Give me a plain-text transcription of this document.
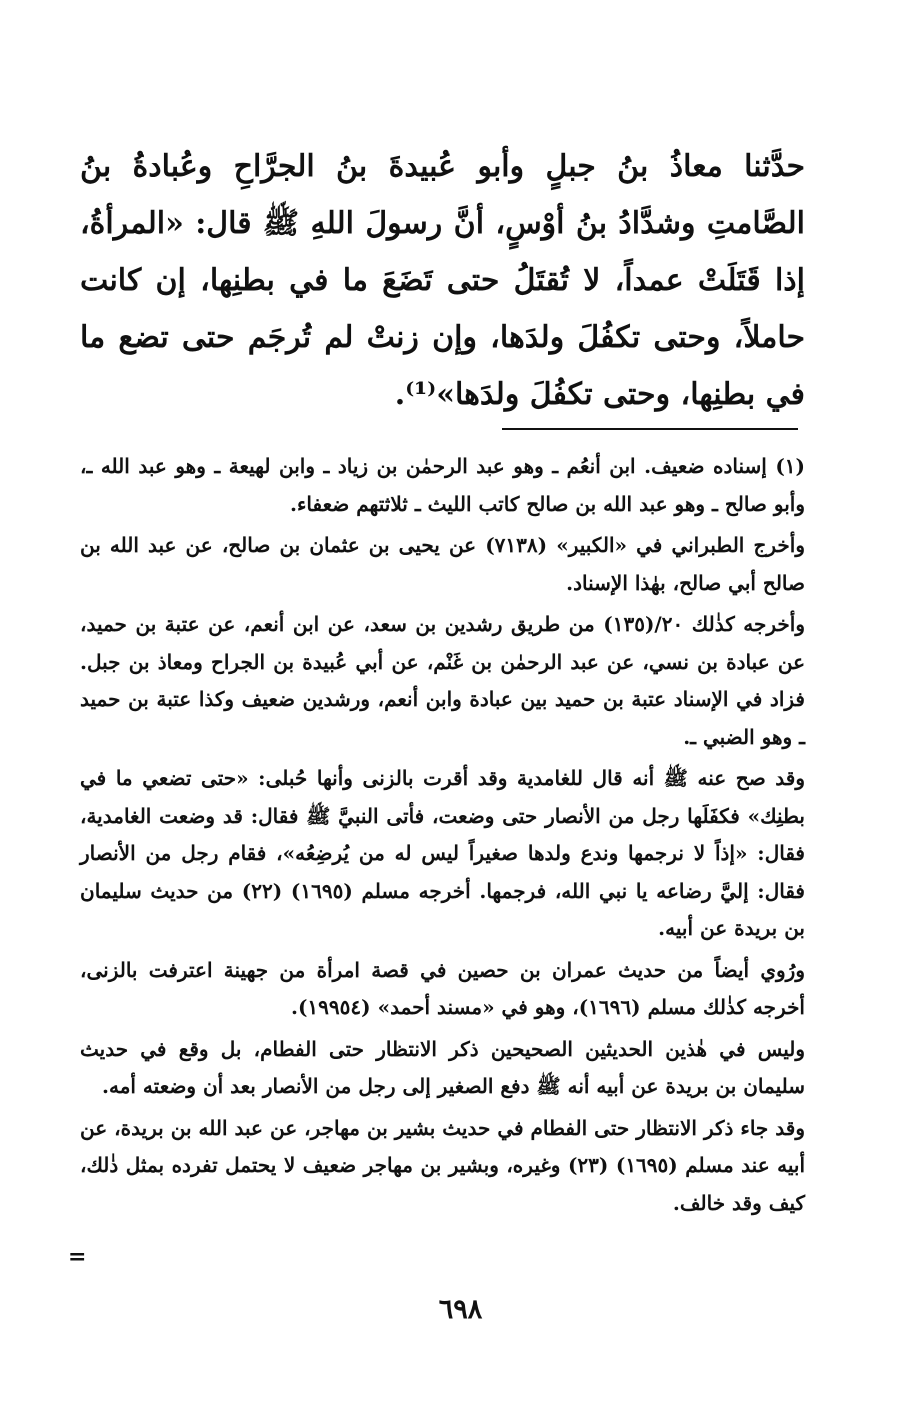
حدَّثنا معاذُ بنُ جبلٍ وأبو عُبيدةَ بنُ الجرَّاحِ وعُبادةُ بنُ الصَّامتِ وشدَّادُ بنُ أوْسٍ، أنَّ رسولَ اللهِ ﷺ قال: «المرأةُ، إذا قَتَلَتْ عمداً، لا تُقتَلُ حتى تَضَعَ ما في بطنِها، إن كانت حاملاً، وحتى تكفُلَ ولدَها، وإن زنتْ لم تُرجَم حتى تضع ما في بطنِها، وحتى تكفُلَ ولدَها»⁽¹⁾.

(١) إسناده ضعيف. ابن أنعُم ـ وهو عبد الرحمٰن بن زياد ـ وابن لهيعة ـ وهو عبد الله ـ، وأبو صالح ـ وهو عبد الله بن صالح كاتب الليث ـ ثلاثتهم ضعفاء.

وأخرج الطبراني في «الكبير» (٧١٣٨) عن يحيى بن عثمان بن صالح، عن عبد الله بن صالح أبي صالح، بهٰذا الإسناد.

وأخرجه كذٰلك ٢٠/(١٣٥) من طريق رشدين بن سعد، عن ابن أنعم، عن عتبة بن حميد، عن عبادة بن نسي، عن عبد الرحمٰن بن غَنْم، عن أبي عُبيدة بن الجراح ومعاذ بن جبل. فزاد في الإسناد عتبة بن حميد بين عبادة وابن أنعم، ورشدين ضعيف وكذا عتبة بن حميد ـ وهو الضبي ـ.

وقد صح عنه ﷺ أنه قال للغامدية وقد أقرت بالزنى وأنها حُبلى: «حتى تضعي ما في بطنِك» فكفَلَها رجل من الأنصار حتى وضعت، فأتى النبيَّ ﷺ فقال: قد وضعت الغامدية، فقال: «إذاً لا نرجمها وندع ولدها صغيراً ليس له من يُرضِعُه»، فقام رجل من الأنصار فقال: إليَّ رضاعه يا نبي الله، فرجمها. أخرجه مسلم (١٦٩٥) (٢٢) من حديث سليمان بن بريدة عن أبيه.

ورُوي أيضاً من حديث عمران بن حصين في قصة امرأة من جهينة اعترفت بالزنى، أخرجه كذٰلك مسلم (١٦٩٦)، وهو في «مسند أحمد» (١٩٩٥٤).

وليس في هٰذين الحديثين الصحيحين ذكر الانتظار حتى الفطام، بل وقع في حديث سليمان بن بريدة عن أبيه أنه ﷺ دفع الصغير إلى رجل من الأنصار بعد أن وضعته أمه.

وقد جاء ذكر الانتظار حتى الفطام في حديث بشير بن مهاجر، عن عبد الله بن بريدة، عن أبيه عند مسلم (١٦٩٥) (٢٣) وغيره، وبشير بن مهاجر ضعيف لا يحتمل تفرده بمثل ذٰلك، كيف وقد خالف.

=
٦٩٨
